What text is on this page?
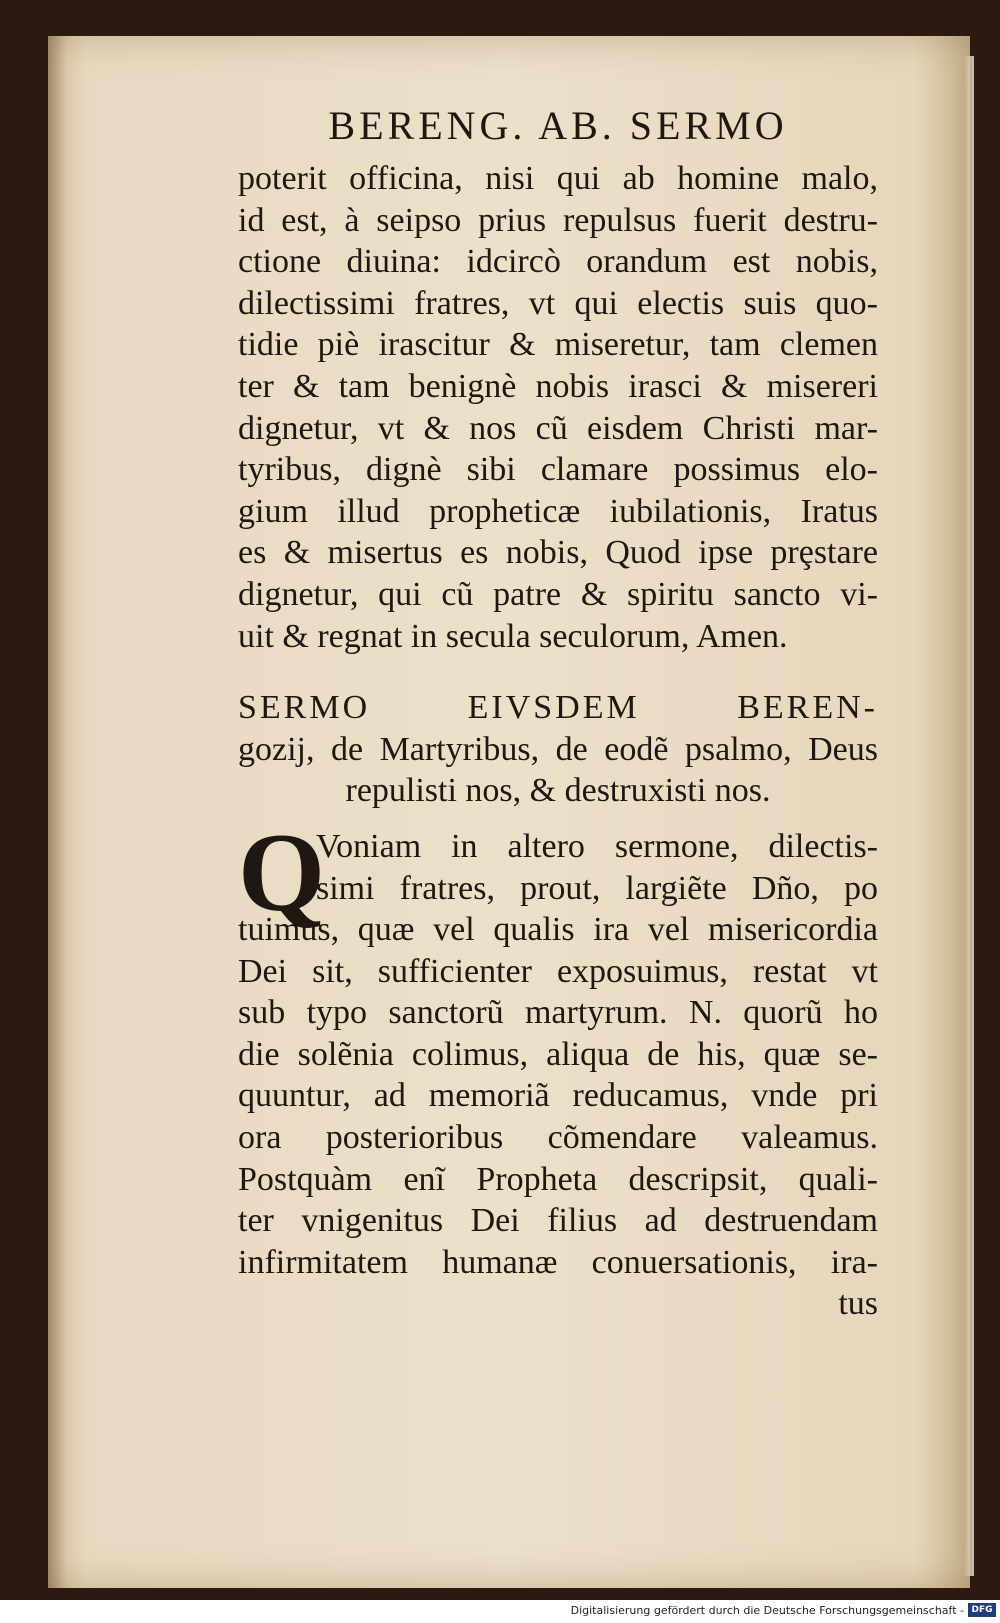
BERENG. AB. SERMO
poterit officina, nisi qui ab homine malo,
id est, à seipso prius repulsus fuerit destru-
ctione diuina: idcircò orandum est nobis,
dilectissimi fratres, vt qui electis suis quo-
tidie piè irascitur & miseretur, tam clemen
ter & tam benignè nobis irasci & misereri
dignetur, vt & nos cũ eisdem Christi mar-
tyribus, dignè sibi clamare possimus elo-
gium illud propheticæ iubilationis, Iratus
es & misertus es nobis, Quod ipse prȩstare
dignetur, qui cũ patre & spiritu sancto vi-
uit & regnat in secula seculorum, Amen.
SERMO EIVSDEM BEREN-
gozij, de Martyribus, de eodẽ psalmo, Deus
repulisti nos, & destruxisti nos.
Q
Voniam in altero sermone, dilectis-
simi fratres, prout, largiẽte Dño, po
tuimus, quæ vel qualis ira vel misericordia
Dei sit, sufficienter exposuimus, restat vt
sub typo sanctorũ martyrum. N. quorũ ho
die solẽnia colimus, aliqua de his, quæ se-
quuntur, ad memoriã reducamus, vnde pri
ora posterioribus cõmendare valeamus.
Postquàm enĩ Propheta descripsit, quali-
ter vnigenitus Dei filius ad destruendam
infirmitatem humanæ conuersationis, ira-
tus
Digitalisierung gefördert durch die Deutsche Forschungsgemeinschaft - DFG
